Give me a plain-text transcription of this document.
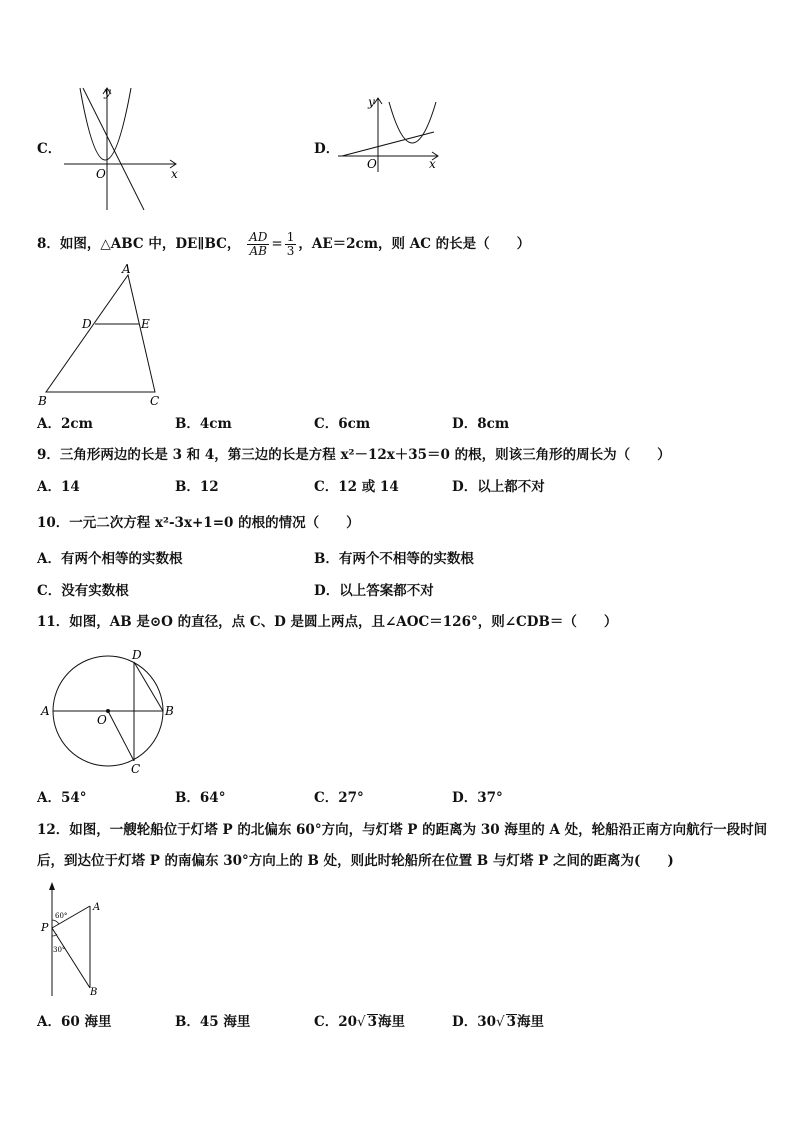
C．
y
x
O
D．
y
x
O
8．如图，△ABC 中，DE∥BC， $\frac{AD}{AB} = \frac{1}{3}$ ，AE＝2cm，则 AC 的长是（　　）
A
D	E
B	C
A．2cm	B．4cm	C．6cm	D．8cm
9．三角形两边的长是 3 和 4，第三边的长是方程 x²－12x＋35＝0 的根，则该三角形的周长为（　　）
A．14	B．12	C．12 或 14	D．以上都不对
10．一元二次方程 x²-3x+1=0 的根的情况（　　）
A．有两个相等的实数根	B．有两个不相等的实数根
C．没有实数根	D．以上答案都不对
11．如图，AB 是⊙O 的直径，点 C、D 是圆上两点，且∠AOC＝126°，则∠CDB＝（　　）
A	B
O
D
C
A．54°	B．64°	C．27°	D．37°
12．如图，一艘轮船位于灯塔 P 的北偏东 60°方向，与灯塔 P 的距离为 30 海里的 A 处，轮船沿正南方向航行一段时间
后，到达位于灯塔 P 的南偏东 30°方向上的 B 处，则此时轮船所在位置 B 与灯塔 P 之间的距离为(　　)
P
A
B
60°
30°
A．60 海里	B．45 海里	C．20√ 3海里	D．30√ 3海里
